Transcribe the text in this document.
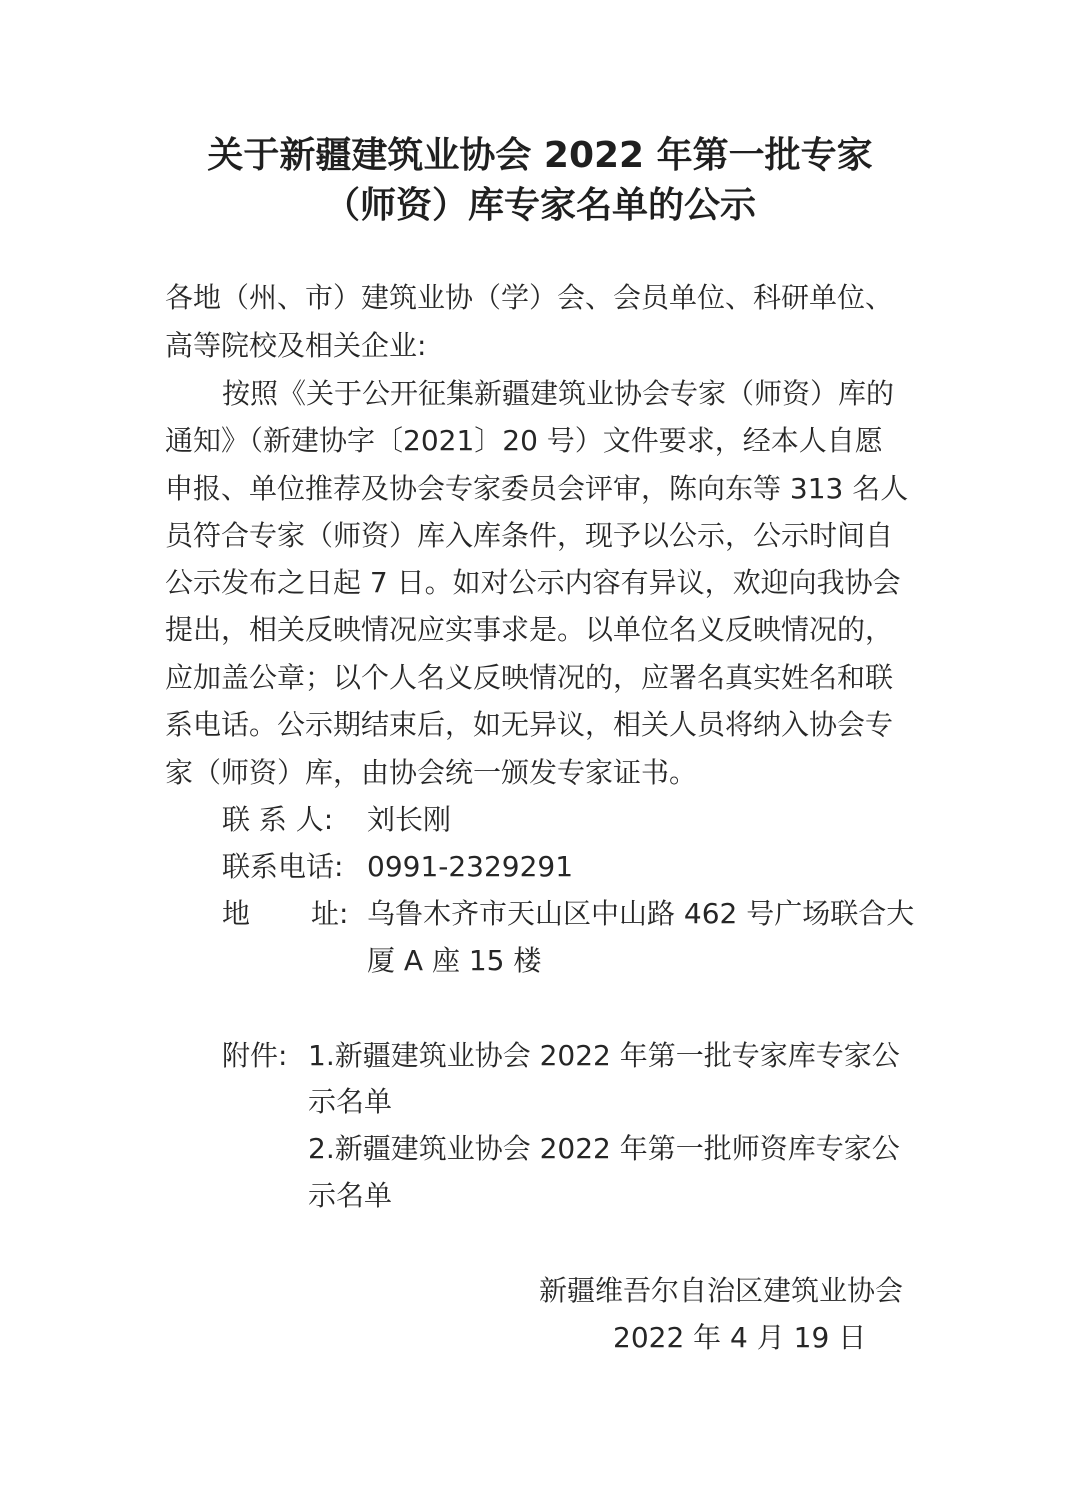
关于新疆建筑业协会 2022 年第一批专家
（师资）库专家名单的公示
各地（州、市）建筑业协（学）会、会员单位、科研单位、
高等院校及相关企业:
按照《关于公开征集新疆建筑业协会专家（师资）库的
通知》（新建协字〔2021〕20 号）文件要求，经本人自愿
申报、单位推荐及协会专家委员会评审，陈向东等 313 名人
员符合专家（师资）库入库条件，现予以公示，公示时间自
公示发布之日起 7 日。如对公示内容有异议，欢迎向我协会
提出，相关反映情况应实事求是。以单位名义反映情况的，
应加盖公章；以个人名义反映情况的，应署名真实姓名和联
系电话。公示期结束后，如无异议，相关人员将纳入协会专
家（师资）库，由协会统一颁发专家证书。
联 系 人: 刘长刚
联系电话: 0991-2329291
地 址: 乌鲁木齐市天山区中山路 462 号广场联合大
厦 A 座 15 楼
附件: 1.新疆建筑业协会 2022 年第一批专家库专家公
示名单
2.新疆建筑业协会 2022 年第一批师资库专家公
示名单
新疆维吾尔自治区建筑业协会
2022 年 4 月 19 日
